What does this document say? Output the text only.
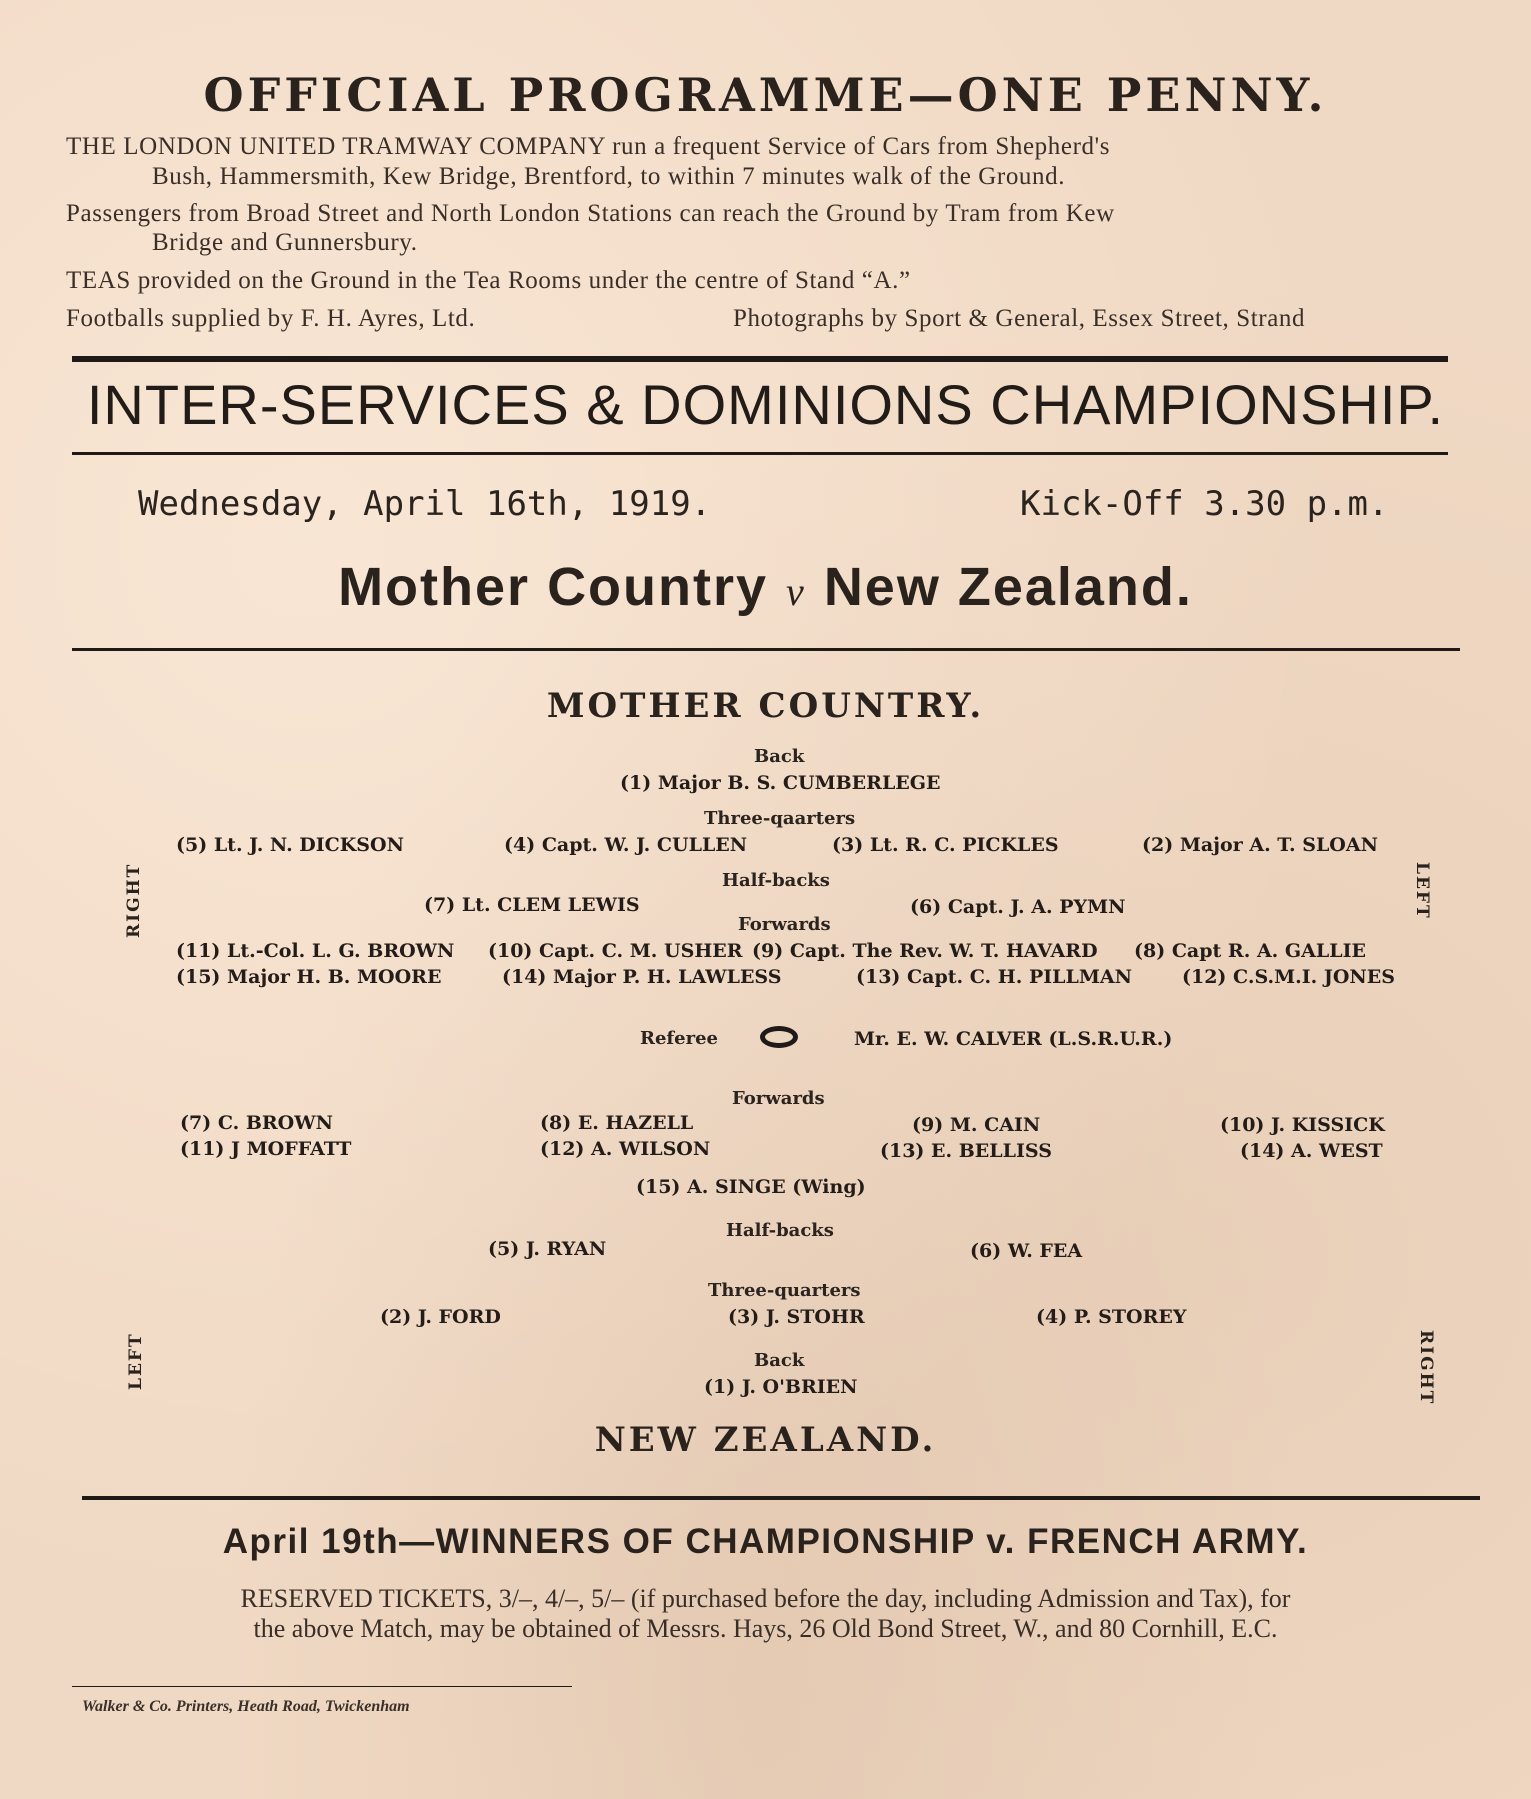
OFFICIAL PROGRAMME—ONE PENNY.
THE LONDON UNITED TRAMWAY COMPANY run a frequent Service of Cars from Shepherd's
Bush, Hammersmith, Kew Bridge, Brentford, to within 7 minutes walk of the Ground.
Passengers from Broad Street and North London Stations can reach the Ground by Tram from Kew
Bridge and Gunnersbury.
TEAS provided on the Ground in the Tea Rooms under the centre of Stand “A.”
Footballs supplied by F. H. Ayres, Ltd.	Photographs by Sport & General, Essex Street, Strand
INTER-SERVICES & DOMINIONS CHAMPIONSHIP.
Wednesday, April 16th, 1919.	Kick-Off 3.30 p.m.
Mother Country v New Zealand.
MOTHER COUNTRY.
Back
(1) Major B. S. CUMBERLEGE
Three-qaarters
(5) Lt. J. N. DICKSON	(4) Capt. W. J. CULLEN	(3) Lt. R. C. PICKLES	(2) Major A. T. SLOAN
RIGHT	LEFT
Half-backs
(7) Lt. CLEM LEWIS	(6) Capt. J. A. PYMN
Forwards
(11) Lt.-Col. L. G. BROWN (10) Capt. C. M. USHER (9) Capt. The Rev. W. T. HAVARD (8) Capt R. A. GALLIE
(15) Major H. B. MOORE	(14) Major P. H. LAWLESS	(13) Capt. C. H. PILLMAN	(12) C.S.M.I. JONES
Referee	Mr. E. W. CALVER (L.S.R.U.R.)
Forwards
(7) C. BROWN	(8) E. HAZELL	(9) M. CAIN	(10) J. KISSICK
(11) J MOFFATT	(12) A. WILSON	(13) E. BELLISS	(14) A. WEST
(15) A. SINGE (Wing)
Half-backs
(5) J. RYAN	(6) W. FEA
Three-quarters
(2) J. FORD	(3) J. STOHR	(4) P. STOREY
LEFT	RIGHT
Back
(1) J. O'BRIEN
NEW ZEALAND.
April 19th—WINNERS OF CHAMPIONSHIP v. FRENCH ARMY.
RESERVED TICKETS, 3/–, 4/–, 5/– (if purchased before the day, including Admission and Tax), for
the above Match, may be obtained of Messrs. Hays, 26 Old Bond Street, W., and 80 Cornhill, E.C.
Walker & Co. Printers, Heath Road, Twickenham
